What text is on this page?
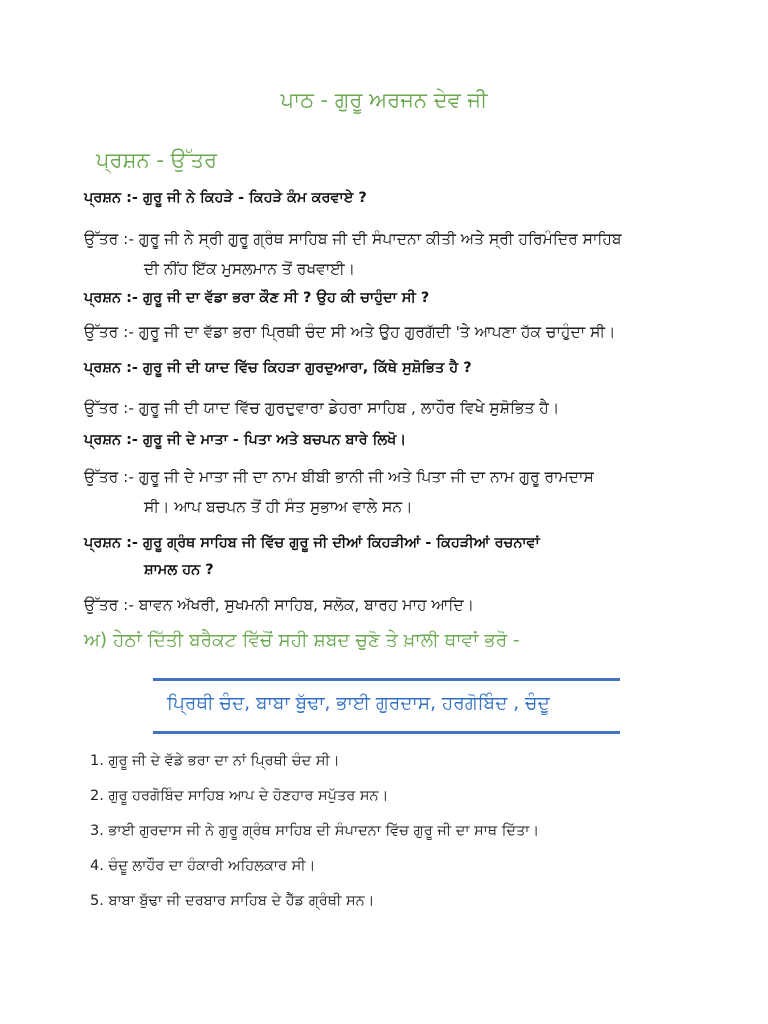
ਪਾਠ - ਗੁਰੂ ਅਰਜਨ ਦੇਵ ਜੀ
ਪ੍ਰਸ਼ਨ - ਉੱਤਰ
ਪ੍ਰਸ਼ਨ :- ਗੁਰੂ ਜੀ ਨੇ ਕਿਹੜੇ - ਕਿਹੜੇ ਕੰਮ ਕਰਵਾਏ ?
ਉੱਤਰ :- ਗੁਰੂ ਜੀ ਨੇ ਸ੍ਰੀ ਗੁਰੂ ਗ੍ਰੰਥ ਸਾਹਿਬ ਜੀ ਦੀ ਸੰਪਾਦਨਾ ਕੀਤੀ ਅਤੇ ਸ੍ਰੀ ਹਰਿਮੰਦਿਰ ਸਾਹਿਬ
ਦੀ ਨੀਂਹ ਇੱਕ ਮੁਸਲਮਾਨ ਤੋਂ ਰਖਵਾਈ।
ਪ੍ਰਸ਼ਨ :- ਗੁਰੂ ਜੀ ਦਾ ਵੱਡਾ ਭਰਾ ਕੌਣ ਸੀ ? ਉਹ ਕੀ ਚਾਹੁੰਦਾ ਸੀ ?
ਉੱਤਰ :- ਗੁਰੂ ਜੀ ਦਾ ਵੱਡਾ ਭਰਾ ਪ੍ਰਿਥੀ ਚੰਦ ਸੀ ਅਤੇ ਉਹ ਗੁਰਗੱਦੀ 'ਤੇ ਆਪਣਾ ਹੱਕ ਚਾਹੁੰਦਾ ਸੀ।
ਪ੍ਰਸ਼ਨ :- ਗੁਰੂ ਜੀ ਦੀ ਯਾਦ ਵਿੱਚ ਕਿਹੜਾ ਗੁਰਦੁਆਰਾ, ਕਿੱਥੇ ਸੁਸ਼ੋਭਿਤ ਹੈ ?
ਉੱਤਰ :- ਗੁਰੂ ਜੀ ਦੀ ਯਾਦ ਵਿੱਚ ਗੁਰਦੁਵਾਰਾ ਡੇਹਰਾ ਸਾਹਿਬ , ਲਾਹੌਰ ਵਿਖੇ ਸੁਸ਼ੋਭਿਤ ਹੈ।
ਪ੍ਰਸ਼ਨ :- ਗੁਰੂ ਜੀ ਦੇ ਮਾਤਾ - ਪਿਤਾ ਅਤੇ ਬਚਪਨ ਬਾਰੇ ਲਿਖੋ।
ਉੱਤਰ :- ਗੁਰੂ ਜੀ ਦੇ ਮਾਤਾ ਜੀ ਦਾ ਨਾਮ ਬੀਬੀ ਭਾਨੀ ਜੀ ਅਤੇ ਪਿਤਾ ਜੀ ਦਾ ਨਾਮ ਗੁਰੂ ਰਾਮਦਾਸ
ਸੀ। ਆਪ ਬਚਪਨ ਤੋਂ ਹੀ ਸੰਤ ਸੁਭਾਅ ਵਾਲੇ ਸਨ।
ਪ੍ਰਸ਼ਨ :- ਗੁਰੂ ਗ੍ਰੰਥ ਸਾਹਿਬ ਜੀ ਵਿੱਚ ਗੁਰੂ ਜੀ ਦੀਆਂ ਕਿਹੜੀਆਂ - ਕਿਹੜੀਆਂ ਰਚਨਾਵਾਂ
ਸ਼ਾਮਲ ਹਨ ?
ਉੱਤਰ :- ਬਾਵਨ ਅੱਖਰੀ, ਸੁਖਮਨੀ ਸਾਹਿਬ, ਸਲੋਕ, ਬਾਰਹ ਮਾਹ ਆਦਿ।
ਅ) ਹੇਠਾਂ ਦਿੱਤੀ ਬਰੈਕਟ ਵਿੱਚੋਂ ਸਹੀ ਸ਼ਬਦ ਚੁਣੋ ਤੇ ਖ਼ਾਲੀ ਥਾਵਾਂ ਭਰੋ -
ਪ੍ਰਿਥੀ ਚੰਦ, ਬਾਬਾ ਬੁੱਢਾ, ਭਾਈ ਗੁਰਦਾਸ, ਹਰਗੋਬਿੰਦ , ਚੰਦੂ
1. ਗੁਰੂ ਜੀ ਦੇ ਵੱਡੇ ਭਰਾ ਦਾ ਨਾਂ ਪ੍ਰਿਥੀ ਚੰਦ ਸੀ।
2. ਗੁਰੂ ਹਰਗੋਬਿੰਦ ਸਾਹਿਬ ਆਪ ਦੇ ਹੋਣਹਾਰ ਸਪੁੱਤਰ ਸਨ।
3. ਭਾਈ ਗੁਰਦਾਸ ਜੀ ਨੇ ਗੁਰੂ ਗ੍ਰੰਥ ਸਾਹਿਬ ਦੀ ਸੰਪਾਦਨਾ ਵਿੱਚ ਗੁਰੂ ਜੀ ਦਾ ਸਾਥ ਦਿੱਤਾ।
4. ਚੰਦੂ ਲਾਹੌਰ ਦਾ ਹੰਕਾਰੀ ਅਹਿਲਕਾਰ ਸੀ।
5. ਬਾਬਾ ਬੁੱਢਾ ਜੀ ਦਰਬਾਰ ਸਾਹਿਬ ਦੇ ਹੈੱਡ ਗ੍ਰੰਥੀ ਸਨ।
